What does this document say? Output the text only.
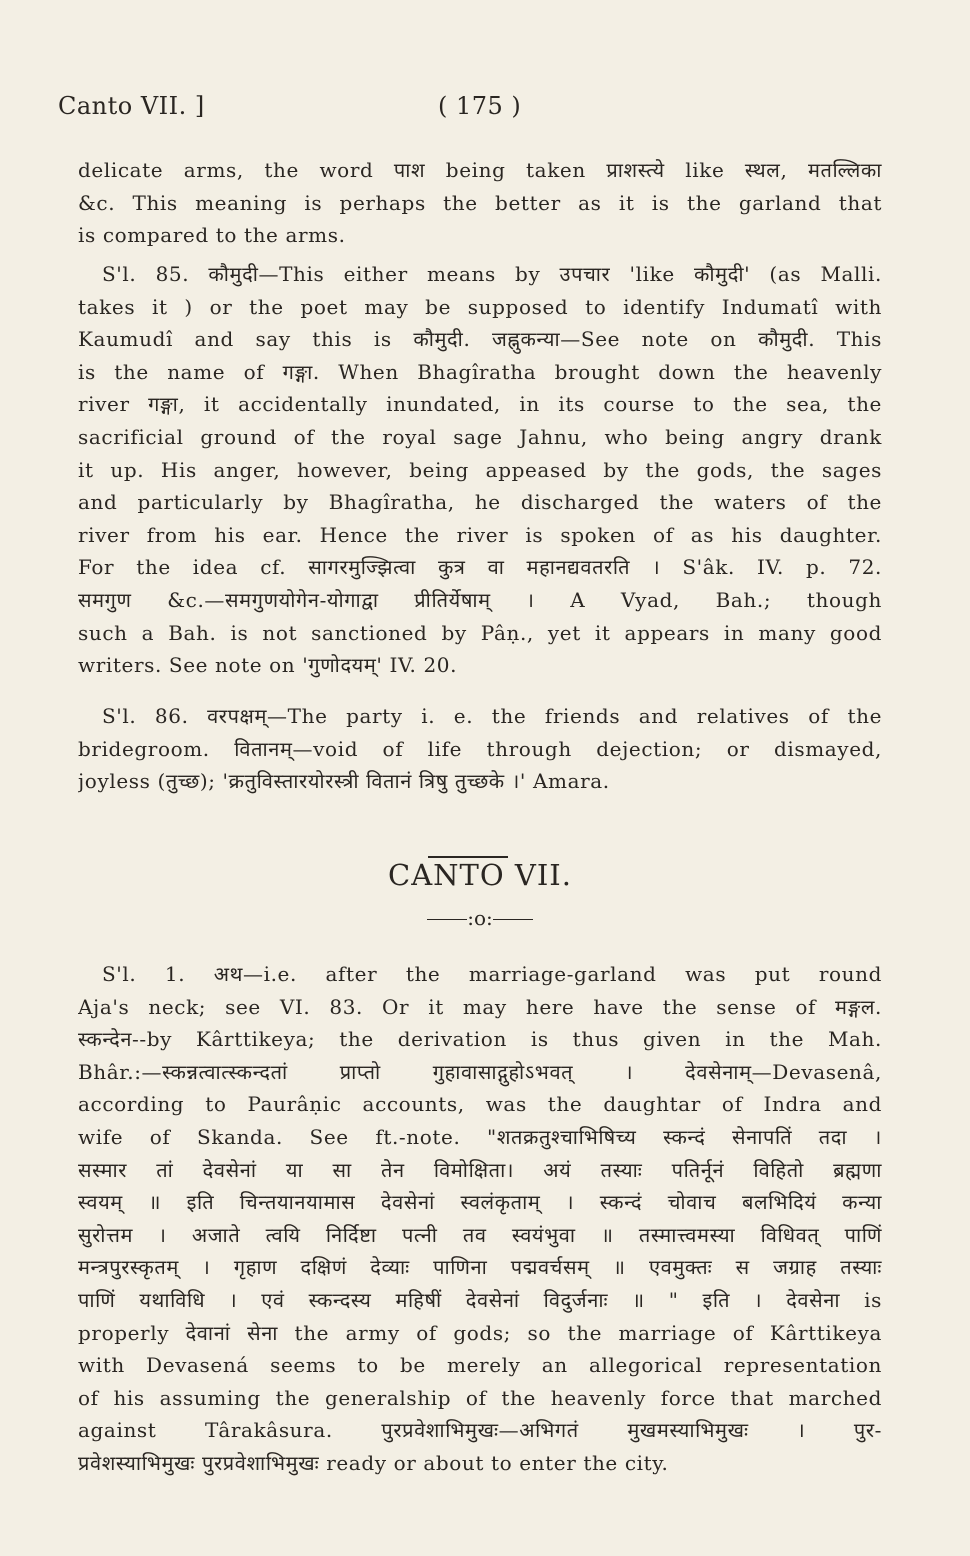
Canto VII. ]	( 175 )
delicate arms, the word पाश being taken प्राशस्त्ये like स्थल, मतल्लिका
&c. This meaning is perhaps the better as it is the garland that
is compared to the arms.
S'l. 85. कौमुदी—This either means by उपचार 'like कौमुदी' (as Malli.
takes it ) or the poet may be supposed to identify Indumatî with
Kaumudî and say this is कौमुदी. जह्नुकन्या—See note on कौमुदी. This
is the name of गङ्गा. When Bhagîratha brought down the heavenly
river गङ्गा, it accidentally inundated, in its course to the sea, the
sacrificial ground of the royal sage Jahnu, who being angry drank
it up. His anger, however, being appeased by the gods, the sages
and particularly by Bhagîratha, he discharged the waters of the
river from his ear. Hence the river is spoken of as his daughter.
For the idea cf. सागरमुज्झित्वा कुत्र वा महानद्यवतरति । S'âk. IV. p. 72.
समगुण &c.—समगुणयोगेन-योगाद्वा प्रीतिर्येषाम् । A Vyad, Bah.; though
such a Bah. is not sanctioned by Pâṇ., yet it appears in many good
writers. See note on 'गुणोदयम्' IV. 20.
S'l. 86. वरपक्षम्—The party i. e. the friends and relatives of the
bridegroom. वितानम्—void of life through dejection; or dismayed,
joyless (तुच्छ); 'क्रतुविस्तारयोरस्त्री वितानं त्रिषु तुच्छके ।' Amara.
CANTO VII.
:o:
S'l. 1. अथ—i.e. after the marriage-garland was put round
Aja's neck; see VI. 83. Or it may here have the sense of मङ्गल.
स्कन्देन--by Kârttikeya; the derivation is thus given in the Mah.
Bhâr.:—स्कन्नत्वात्स्कन्दतां प्राप्तो गुहावासाद्गुहोऽभवत् । देवसेनाम्—Devasenâ,
according to Paurâṇic accounts, was the daughtar of Indra and
wife of Skanda. See ft.-note. "शतक्रतुश्चाभिषिच्य स्कन्दं सेनापतिं तदा ।
सस्मार तां देवसेनां या सा तेन विमोक्षिता। अयं तस्याः पतिर्नूनं विहितो ब्रह्मणा
स्वयम् ॥ इति चिन्तयानयामास देवसेनां स्वलंकृताम् । स्कन्दं चोवाच बलभिदियं कन्या
सुरोत्तम । अजाते त्वयि निर्दिष्टा पत्नी तव स्वयंभुवा ॥ तस्मात्त्वमस्या विधिवत् पाणिं
मन्त्रपुरस्कृतम् । गृहाण दक्षिणं देव्याः पाणिना पद्मवर्चसम् ॥ एवमुक्तः स जग्राह तस्याः
पाणिं यथाविधि । एवं स्कन्दस्य महिषीं देवसेनां विदुर्जनाः ॥ " इति । देवसेना is
properly देवानां सेना the army of gods; so the marriage of Kârttikeya
with Devasená seems to be merely an allegorical representation
of his assuming the generalship of the heavenly force that marched
against Târakâsura. पुरप्रवेशाभिमुखः—अभिगतं मुखमस्याभिमुखः । पुर-
प्रवेशस्याभिमुखः पुरप्रवेशाभिमुखः ready or about to enter the city.
